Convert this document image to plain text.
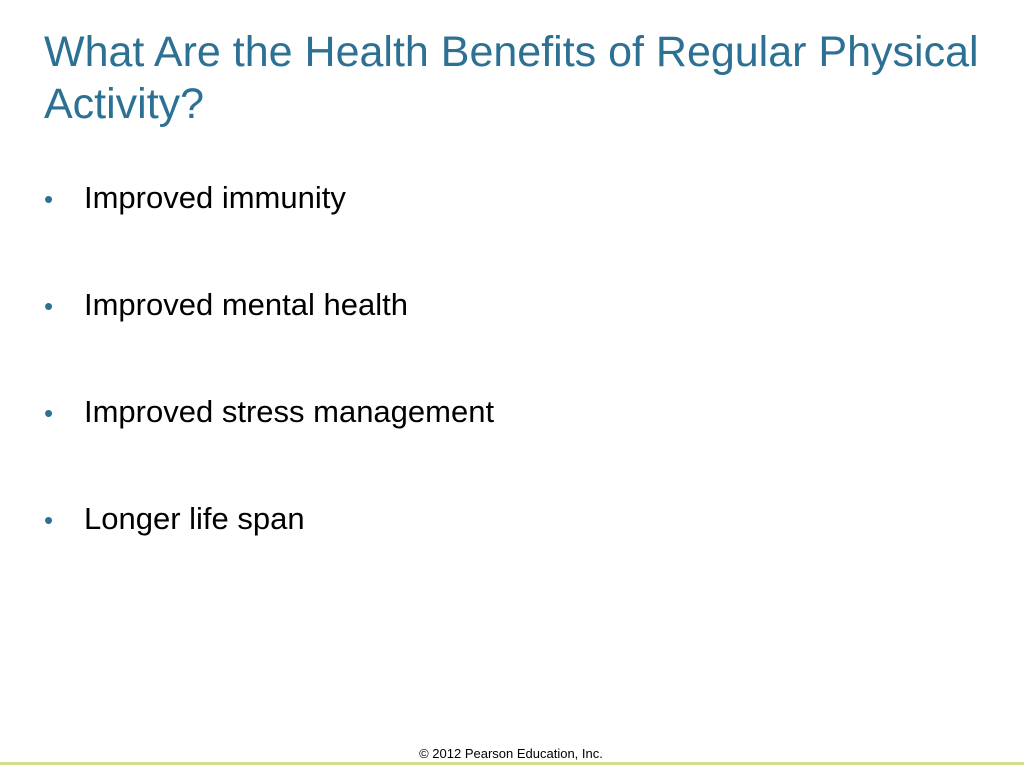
What Are the Health Benefits of Regular Physical Activity?
• Improved immunity
• Improved mental health
• Improved stress management
• Longer life span
© 2012 Pearson Education, Inc.
